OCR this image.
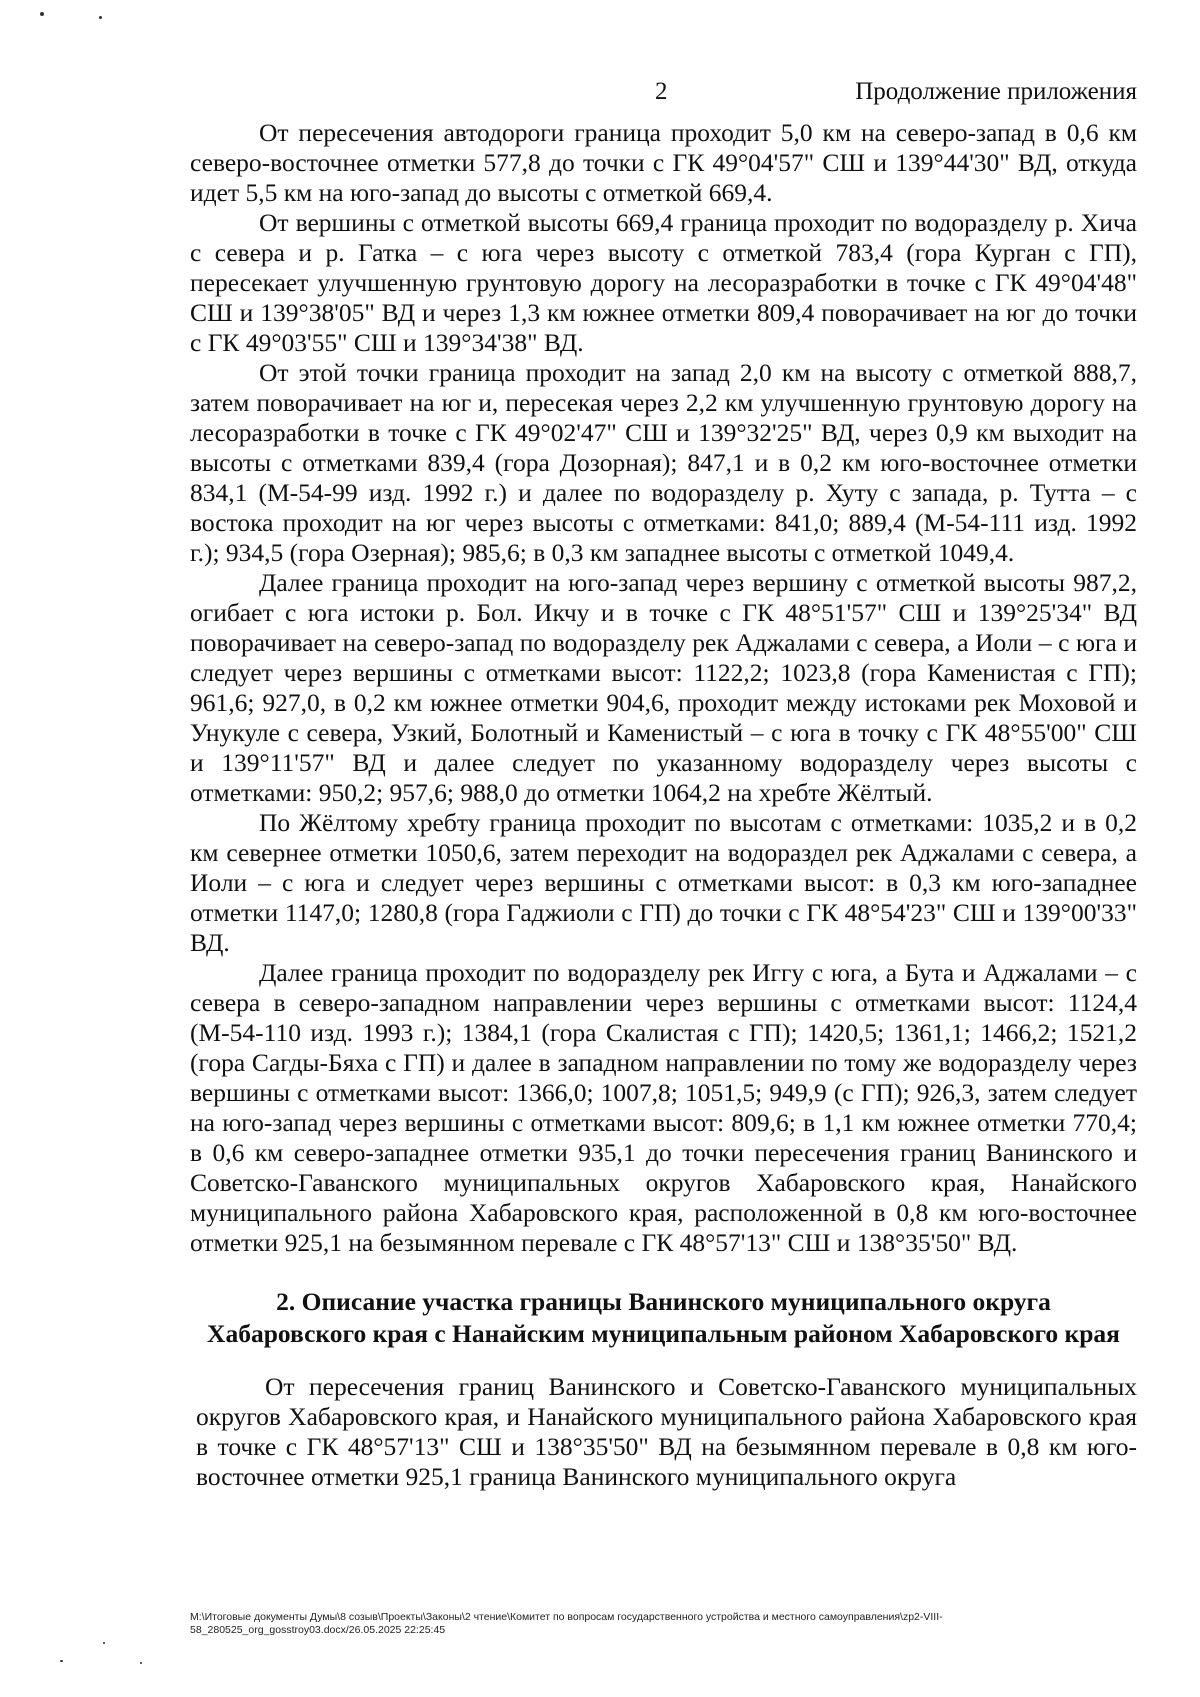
2	Продолжение приложения

От пересечения автодороги граница проходит 5,0 км на северо-запад в 0,6 км северо-восточнее отметки 577,8 до точки с ГК 49°04'57" СШ и 139°44'30" ВД, откуда идет 5,5 км на юго-запад до высоты с отметкой 669,4.

От вершины с отметкой высоты 669,4 граница проходит по водоразделу р. Хича с севера и р. Гатка – с юга через высоту с отметкой 783,4 (гора Курган с ГП), пересекает улучшенную грунтовую дорогу на лесоразработки в точке с ГК 49°04'48" СШ и 139°38'05" ВД и через 1,3 км южнее отметки 809,4 поворачивает на юг до точки с ГК 49°03'55" СШ и 139°34'38" ВД.

От этой точки граница проходит на запад 2,0 км на высоту с отметкой 888,7, затем поворачивает на юг и, пересекая через 2,2 км улучшенную грунтовую дорогу на лесоразработки в точке с ГК 49°02'47" СШ и 139°32'25" ВД, через 0,9 км выходит на высоты с отметками 839,4 (гора Дозорная); 847,1 и в 0,2 км юго-восточнее отметки 834,1 (М-54-99 изд. 1992 г.) и далее по водоразделу р. Хуту с запада, р. Тутта – с востока проходит на юг через высоты с отметками: 841,0; 889,4 (М-54-111 изд. 1992 г.); 934,5 (гора Озерная); 985,6; в 0,3 км западнее высоты с отметкой 1049,4.

Далее граница проходит на юго-запад через вершину с отметкой высоты 987,2, огибает с юга истоки р. Бол. Икчу и в точке с ГК 48°51'57" СШ и 139°25'34" ВД поворачивает на северо-запад по водоразделу рек Аджалами с севера, а Иоли – с юга и следует через вершины с отметками высот: 1122,2; 1023,8 (гора Каменистая с ГП); 961,6; 927,0, в 0,2 км южнее отметки 904,6, проходит между истоками рек Моховой и Унукуле с севера, Узкий, Болотный и Каменистый – с юга в точку с ГК 48°55'00" СШ и 139°11'57" ВД и далее следует по указанному водоразделу через высоты с отметками: 950,2; 957,6; 988,0 до отметки 1064,2 на хребте Жёлтый.

По Жёлтому хребту граница проходит по высотам с отметками: 1035,2 и в 0,2 км севернее отметки 1050,6, затем переходит на водораздел рек Аджалами с севера, а Иоли – с юга и следует через вершины с отметками высот: в 0,3 км юго-западнее отметки 1147,0; 1280,8 (гора Гаджиоли с ГП) до точки с ГК 48°54'23" СШ и 139°00'33" ВД.

Далее граница проходит по водоразделу рек Иггу с юга, а Бута и Аджалами – с севера в северо-западном направлении через вершины с отметками высот: 1124,4 (М-54-110 изд. 1993 г.); 1384,1 (гора Скалистая с ГП); 1420,5; 1361,1; 1466,2; 1521,2 (гора Сагды-Бяха с ГП) и далее в западном направлении по тому же водоразделу через вершины с отметками высот: 1366,0; 1007,8; 1051,5; 949,9 (с ГП); 926,3, затем следует на юго-запад через вершины с отметками высот: 809,6; в 1,1 км южнее отметки 770,4; в 0,6 км северо-западнее отметки 935,1 до точки пересечения границ Ванинского и Советско-Гаванского муниципальных округов Хабаровского края, Нанайского муниципального района Хабаровского края, расположенной в 0,8 км юго-восточнее отметки 925,1 на безымянном перевале с ГК 48°57'13" СШ и 138°35'50" ВД.

2. Описание участка границы Ванинского муниципального округа
Хабаровского края с Нанайским муниципальным районом Хабаровского края

От пересечения границ Ванинского и Советско-Гаванского муниципальных округов Хабаровского края, и Нанайского муниципального района Хабаровского края в точке с ГК 48°57'13" СШ и 138°35'50" ВД на безымянном перевале в 0,8 км юго-восточнее отметки 925,1 граница Ванинского муниципального округа

М:\Итоговые документы Думы\8 созыв\Проекты\Законы\2 чтение\Комитет по вопросам государственного устройства и местного самоуправления\zp2-VIII-58_280525_org_gosstroy03.docx/26.05.2025 22:25:45
